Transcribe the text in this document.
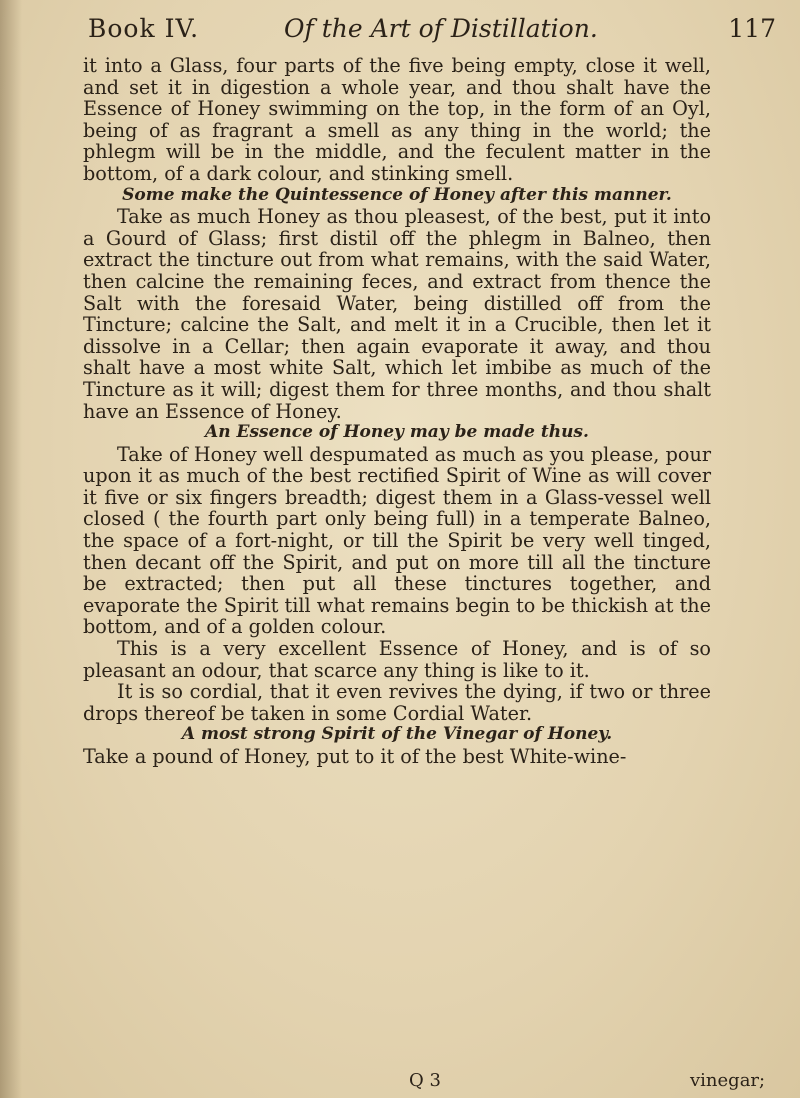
Book IV.	Of the Art of Distillation.	117

it into a Glass, four parts of the five being empty, close it well, and set it in digestion a whole year, and thou shalt have the Essence of Honey swimming on the top, in the form of an Oyl, being of as fragrant a smell as any thing in the world; the phlegm will be in the middle, and the feculent matter in the bottom, of a dark colour, and stinking smell.

Some make the Quintessence of Honey after this manner.

Take as much Honey as thou pleasest, of the best, put it into a Gourd of Glass; first distil off the phlegm in Balneo, then extract the tincture out from what remains, with the said Water, then calcine the remaining feces, and extract from thence the Salt with the foresaid Water, being distilled off from the Tincture; calcine the Salt, and melt it in a Crucible, then let it dissolve in a Cellar; then again evaporate it away, and thou shalt have a most white Salt, which let imbibe as much of the Tincture as it will; digest them for three months, and thou shalt have an Essence of Honey.

An Essence of Honey may be made thus.

Take of Honey well despumated as much as you please, pour upon it as much of the best rectified Spirit of Wine as will cover it five or six fingers breadth; digest them in a Glass-vessel well closed ( the fourth part only being full) in a temperate Balneo, the space of a fort-night, or till the Spirit be very well tinged, then decant off the Spirit, and put on more till all the tincture be extracted; then put all these tinctures together, and evaporate the Spirit till what remains begin to be thickish at the bottom, and of a golden colour.

This is a very excellent Essence of Honey, and is of so pleasant an odour, that scarce any thing is like to it.

It is so cordial, that it even revives the dying, if two or three drops thereof be taken in some Cordial Water.

A most strong Spirit of the Vinegar of Honey.

Take a pound of Honey, put to it of the best White-wine-

Q 3	vinegar;
